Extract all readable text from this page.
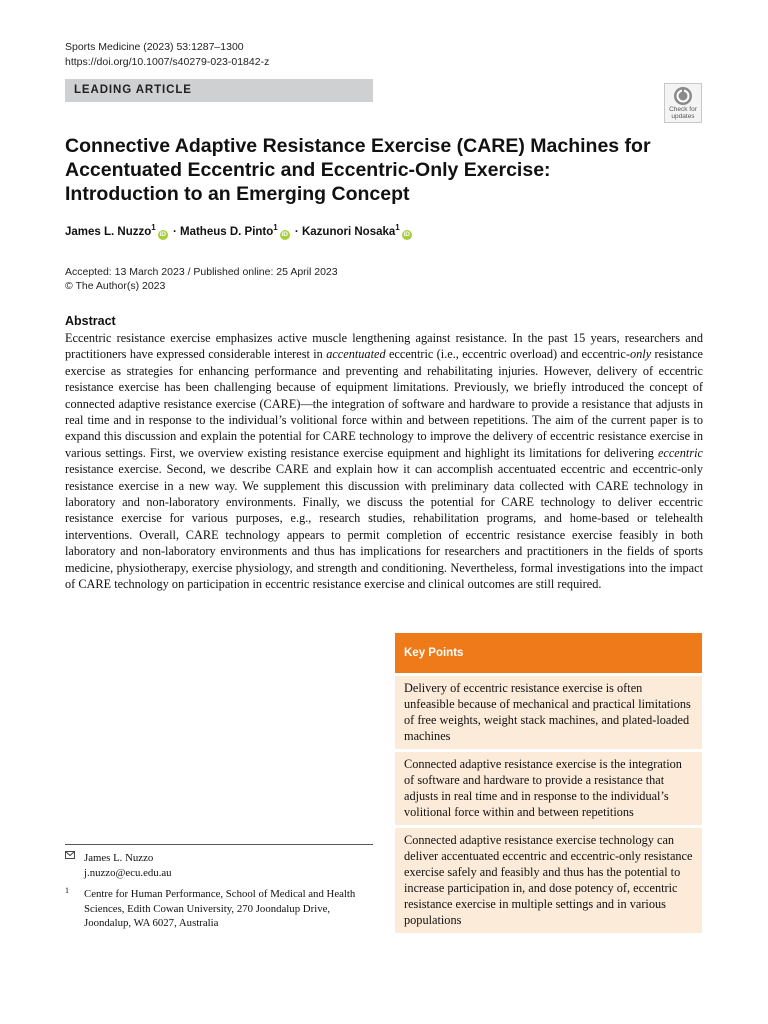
Sports Medicine (2023) 53:1287–1300
https://doi.org/10.1007/s40279-023-01842-z
LEADING ARTICLE
Check for
updates
Connective Adaptive Resistance Exercise (CARE) Machines for Accentuated Eccentric and Eccentric-Only Exercise: Introduction to an Emerging Concept
James L. Nuzzo$^1$iD · Matheus D. Pinto$^1$iD · Kazunori Nosaka$^1$iD
Accepted: 13 March 2023 / Published online: 25 April 2023
© The Author(s) 2023
Abstract

Eccentric resistance exercise emphasizes active muscle lengthening against resistance. In the past 15 years, researchers and practitioners have expressed considerable interest in accentuated eccentric (i.e., eccentric overload) and eccentric-only resistance exercise as strategies for enhancing performance and preventing and rehabilitating injuries. However, delivery of eccentric resistance exercise has been challenging because of equipment limitations. Previously, we briefly introduced the concept of connected adaptive resistance exercise (CARE)—the integration of software and hardware to provide a resistance that adjusts in real time and in response to the individual’s volitional force within and between repetitions. The aim of the current paper is to expand this discussion and explain the potential for CARE technology to improve the delivery of eccentric resistance exercise in various settings. First, we overview existing resistance exercise equipment and highlight its limitations for delivering eccentric resistance exercise. Second, we describe CARE and explain how it can accomplish accentuated eccentric and eccentric-only resistance exercise in a new way. We supplement this discussion with preliminary data collected with CARE technology in laboratory and non-laboratory environments. Finally, we discuss the potential for CARE technology to deliver eccentric resistance exercise for various purposes, e.g., research studies, rehabilitation programs, and home-based or telehealth interventions. Overall, CARE technology appears to permit completion of eccentric resistance exercise feasibly in both laboratory and non-laboratory environments and thus has implications for researchers and practitioners in the fields of sports medicine, physiotherapy, exercise physiology, and strength and conditioning. Nevertheless, formal investigations into the impact of CARE technology on participation in eccentric resistance exercise and clinical outcomes are still required.

Key Points
Delivery of eccentric resistance exercise is often unfeasible because of mechanical and practical limitations of free weights, weight stack machines, and plated-loaded machines
Connected adaptive resistance exercise is the integration of software and hardware to provide a resistance that adjusts in real time and in response to the individual’s volitional force within and between repetitions
Connected adaptive resistance exercise technology can deliver accentuated eccentric and eccentric-only resistance exercise safely and feasibly and thus has the potential to increase participation in, and dose potency of, eccentric resistance exercise in multiple settings and in various populations
James L. Nuzzo
j.nuzzo@ecu.edu.au
1 Centre for Human Performance, School of Medical and Health Sciences, Edith Cowan University, 270 Joondalup Drive, Joondalup, WA 6027, Australia
